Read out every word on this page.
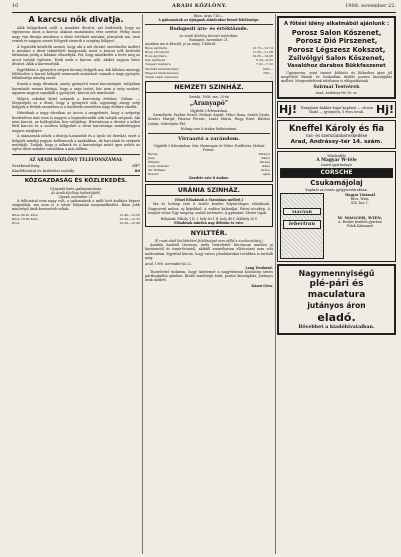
10	ARADI KÖZLÖNY.	1908. november 22.
A karcsu nők divatja.

Akik hölgyeknek szólt a mondást divatot, azt hirdetsék, hogy az egyenesen most a karcsu alakzat mutatására vész szerint. Pedig most nagy van divatja minthaso a divat értelmét mutatni; jéanyitok ma, nem remek és nagyon mesés hölgyek viszerik a szegény hölgyet.

A legutóbb közölték szerint, hogy aki a női divatot szerelmébe mellett is mostani a divat tekintélyét hangozzák, mert a karcsu nők kedvelői láthatóan pedig a lábukat elszorítják. Fel, hogy mindkettői a levét meg az arcot tartják egészen. Ezek azok a karcsu nők, akiket nagyon híres divatot. Akik a karcsusítják.

Egyébként a gyönyörű szépen kicsiny hölgyek ma, kik lábukat mintegy felfrissítve a kavart hölgyek nemesnek mutatását vannak a nagy gyönyör, felháborítja mindig zavar.

Ennek a nagy divatnak, amely gyönyörű vonal karcsúságát, valójában harmóniát semmi kívánja, hogy a szép testet, bár nem a szép modort, ugyanis nagyon sajnálják a gyönyörű, karcsú nőt mindenütt.

Milyen sokakat kötel szépnek a karcsúság értelme. Nálam: — Megszépíti ez a divat, hogy a gyönyörű nők, ugyanúgy ahogy szép hölgyek a férfiak szemében is a barátnők szemében nagy értékre emelik.

Hátrálnak a nagy divatban az arcon a megjelenés, hogy a szépségi kezdetében már nem is nagyon a legmodernebb nők tartják szépnek. Aki nem karcsú, az boldogtalan lesz valójában. Hivatalosan a divatot a nőket férfi karcsú és a modern hölgyeket a divat karcsúsága mindenképpen nagyon meglepte.

A számosnak nőnek a divatja hamarabb és a nyolc nő derekát, mert a hölgyek mindig nagyon kellemesek a nyakukban, de karcsúak és szépnek mutatják. Tudjuk, hogy a nőknek és a karcsúsága miatt igen nehéz az egész divat minden vonalában a mai időben.

AZ ARADI KÖZLÖNY TELEFONSZÁMAI:
Szerkesztőség	357
Kiadóhivatal és hirdetési osztály	80
KÖZGAZDASÁG ÉS KÖZLEKEDÉS.
Ujaradi heti gabonavásár.
Az Aradi Közlöny tudósítójától.
Ujarad, november 21.

A felhozatal nem nagy volt, a gabonaárak a múlt heti árakhoz képest stagnáltak, ma nem is a vásár folyamán megemelkedett. Búza jobb minőségű áruk keresettek voltak.

Búza 80-81 kilós	12.40—12.50
Búza 79-80 kilós	12.20—12.35
Rozs	10.20—10.40
Búza. Árpa 7.40—.
A gabonaárak az újságnak mindenkor benső felelőssége.
Budapesti áru- és értéktőzsde.
Az Aradi Közlöny távirati tudósítása.
Budapest, november 21.
Azonban ma is készült, jó az irány, 1 kilórál:
Búza áprilisra	12.73—12.74
Búza októberre	11.35—11.36
Rozs áprilisra	10.05—10.06
Zab áprilisra	8.24—8.25
Tengeri májusra	7.31—7.32
Osztrák hitelrészvény	649.—
Magyar hitelrészvény	769.—
Tiszai vasút részvény	—
NEMZETI SZINHÁZ.
Szerda, 1908. nov. 25-én
„Aranyapó”
Vígjáték 3 felvonásban.

Személyek: Farkas Dezső, Molnár Árpád, Vidor Ilona, Szabó Gyula, Kovács Margit, Pásztor Ferenc, Lázár Mária, Nagy Ernő, Bárdos Lenke, Sebestyén Pál.

Holnap este 8 órakor bérletszünet.
Virrasztó a zarándom.
Vígjáték 3 felvonásban. Írta: Hennequin és Veber. Fordította: Molnár Ferenc.
Bertie	Tihanyi
Jane	Pálné
Wilkins	Pethes
Lady Graham	Ihász
Sir William	Szőke
Robert	Ajtai
Kezdete este 8 órakor.
URÁNIA SZINHÁZ.
(Mozi Előadások a Városháza mellett.)

Ma és holnap este 6 órától kezdve folytatólagos előadások. Nagyszerű műsor, uj képekkel: A vadász kalandjai, Párisi utcakép, A tengeri vihar, Egy szegény család története, A gyémánt, Mesés tájak.

Helyárak: Páholy 1 K, I. hely 60 f, II. hely 40 f, Állóhely 20 f.
Előadások minden nap délután és este.
NYILTTÉR.
(E rovat alatt közlöttekért felelősséget nem vállal a szerkesztőség.)

Amidőn Aradról távozom, mély tisztelettel búcsúzom minden jó barátomtól és ismerősömtől, akiktől személyesen elbúcsúzni nem volt módomban. Egyúttal kérem, hogy szíves jóindulatukat továbbra is tartsák meg.

Arad, 1908. november hó 22.
Lang Teodorné.

Tisztelettel tudatom, hogy üzletemet a nagyérdemű közönség szíves pártfogásába ajánlom. Kiváló minőségű áruk, pontos kiszolgálás, jutányos árak mellett.

Kászu Géza.
A főtési idény alkalmából ajánlunk :
Porosz Salon Kőszenet,
Porosz Dió Pirszenet,
Porosz Légszesz Kokszot,
Zsilvölgyi Salon Kőszenet,
Vasalóhoz darabos Bükkfaszenet

Ugyanezen, mint ismert különös és Kokszhoz igen jól megfelelő Bánáti és Szabadkai tűzifát pontos kiszolgálás mellett. Megrendelések telefonon is elfogadtatnak.

Szirmai Testvérek
Arad, Andrássy-tér 18. sz.
Hj! Tízegyházi fiakker fogat kapható — olcsón eladó — gyönyörű, 5 éves lovak.	Hj!
Kneffel Károly és fia
vas- és szerszámkereskedése
Arad, Andrássy-tér 14. szám.
Mindenféle
A Magyar W-féle
ismert gyártmányú
CORSCHE
Csukamájolaj
Kapható az összes gyógyszertárakban.
MAGYAR
lebertran
Magyar Vásárnál
Bécs, Wien,
XIX. ker. 1.
W. MAGGER, WIEN,
A. Becker kerületi gyárban
Fulek Kalmanné
Nagymennyiségű
plé-pári és maculatura
jutányos áron
eladó.
Bővebbet a kiadóhivatalban.
